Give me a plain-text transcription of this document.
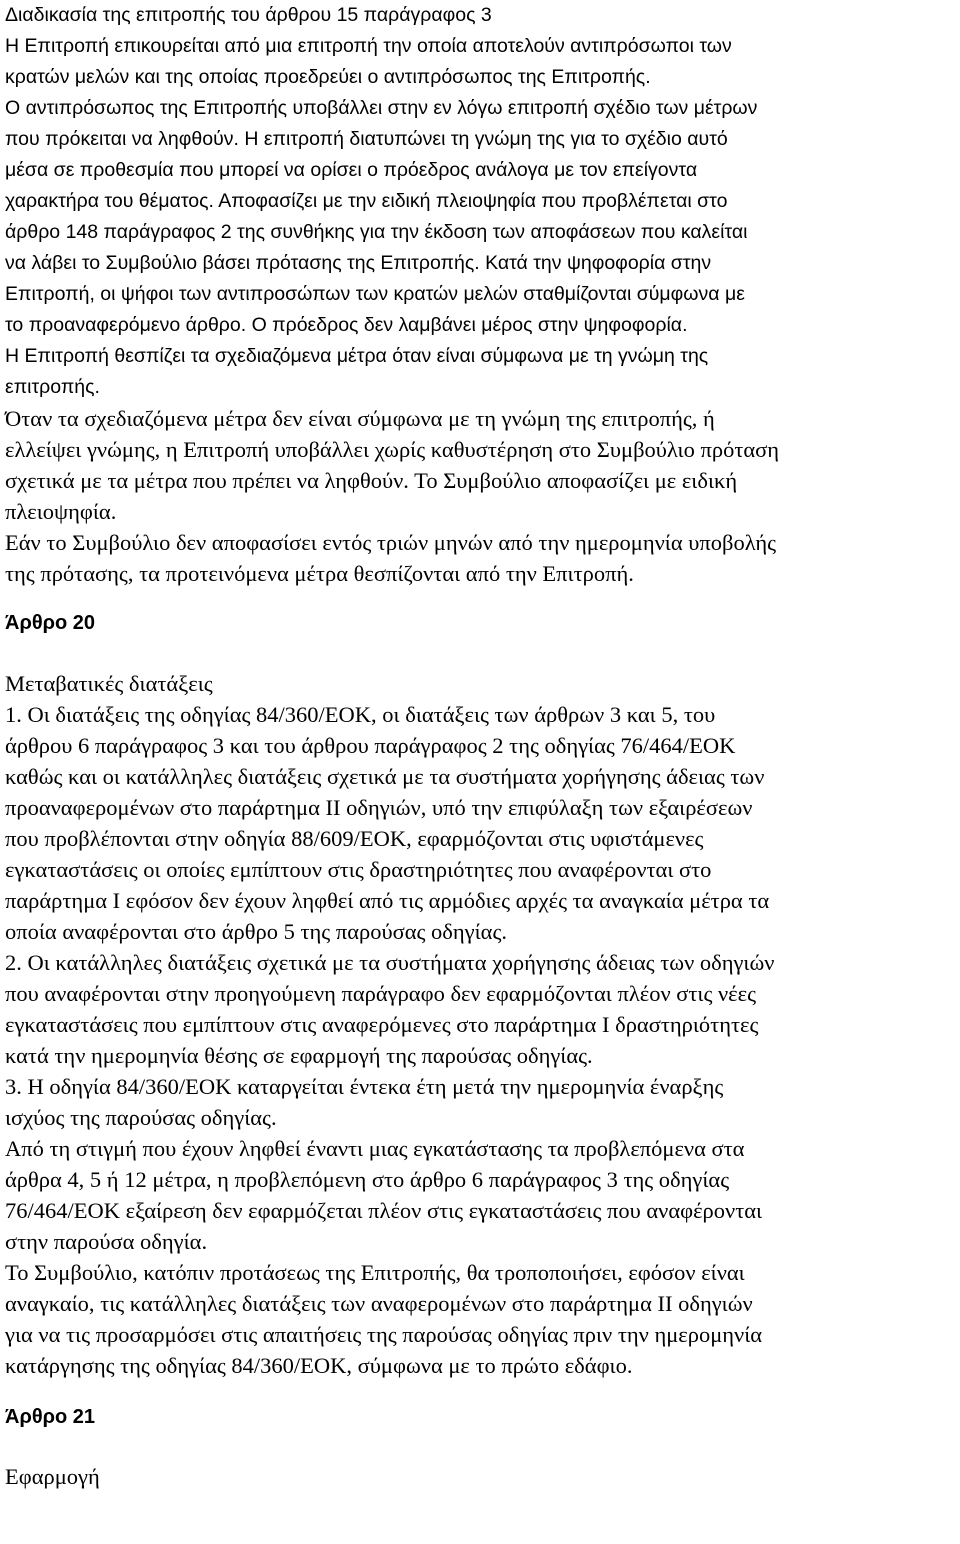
Διαδικασία της επιτροπής του άρθρου 15 παράγραφος 3

Η Επιτροπή επικουρείται από μια επιτροπή την οποία αποτελούν αντιπρόσωποι των

κρατών μελών και της οποίας προεδρεύει ο αντιπρόσωπος της Επιτροπής.

Ο αντιπρόσωπος της Επιτροπής υποβάλλει στην εν λόγω επιτροπή σχέδιο των μέτρων

που πρόκειται να ληφθούν. Η επιτροπή διατυπώνει τη γνώμη της για το σχέδιο αυτό

μέσα σε προθεσμία που μπορεί να ορίσει ο πρόεδρος ανάλογα με τον επείγοντα

χαρακτήρα του θέματος. Αποφασίζει με την ειδική πλειοψηφία που προβλέπεται στο

άρθρο 148 παράγραφος 2 της συνθήκης για την έκδοση των αποφάσεων που καλείται

να λάβει το Συμβούλιο βάσει πρότασης της Επιτροπής. Κατά την ψηφοφορία στην

Επιτροπή, οι ψήφοι των αντιπροσώπων των κρατών μελών σταθμίζονται σύμφωνα με

το προαναφερόμενο άρθρο. Ο πρόεδρος δεν λαμβάνει μέρος στην ψηφοφορία.

Η Επιτροπή θεσπίζει τα σχεδιαζόμενα μέτρα όταν είναι σύμφωνα με τη γνώμη της

επιτροπής.

Όταν τα σχεδιαζόμενα μέτρα δεν είναι σύμφωνα με τη γνώμη της επιτροπής, ή

ελλείψει γνώμης, η Επιτροπή υποβάλλει χωρίς καθυστέρηση στο Συμβούλιο πρόταση

σχετικά με τα μέτρα που πρέπει να ληφθούν. Το Συμβούλιο αποφασίζει με ειδική

πλειοψηφία.

Εάν το Συμβούλιο δεν αποφασίσει εντός τριών μηνών από την ημερομηνία υποβολής

της πρότασης, τα προτεινόμενα μέτρα θεσπίζονται από την Επιτροπή.

Άρθρο 20

Μεταβατικές διατάξεις

1. Οι διατάξεις της οδηγίας 84/360/ΕΟΚ, οι διατάξεις των άρθρων 3 και 5, του

άρθρου 6 παράγραφος 3 και του άρθρου παράγραφος 2 της οδηγίας 76/464/ΕΟΚ

καθώς και οι κατάλληλες διατάξεις σχετικά με τα συστήματα χορήγησης άδειας των

προαναφερομένων στο παράρτημα ΙΙ οδηγιών, υπό την επιφύλαξη των εξαιρέσεων

που προβλέπονται στην οδηγία 88/609/ΕΟΚ, εφαρμόζονται στις υφιστάμενες

εγκαταστάσεις οι οποίες εμπίπτουν στις δραστηριότητες που αναφέρονται στο

παράρτημα Ι εφόσον δεν έχουν ληφθεί από τις αρμόδιες αρχές τα αναγκαία μέτρα τα

οποία αναφέρονται στο άρθρο 5 της παρούσας οδηγίας.

2. Οι κατάλληλες διατάξεις σχετικά με τα συστήματα χορήγησης άδειας των οδηγιών

που αναφέρονται στην προηγούμενη παράγραφο δεν εφαρμόζονται πλέον στις νέες

εγκαταστάσεις που εμπίπτουν στις αναφερόμενες στο παράρτημα Ι δραστηριότητες

κατά την ημερομηνία θέσης σε εφαρμογή της παρούσας οδηγίας.

3. Η οδηγία 84/360/ΕΟΚ καταργείται έντεκα έτη μετά την ημερομηνία έναρξης

ισχύος της παρούσας οδηγίας.

Από τη στιγμή που έχουν ληφθεί έναντι μιας εγκατάστασης τα προβλεπόμενα στα

άρθρα 4, 5 ή 12 μέτρα, η προβλεπόμενη στο άρθρο 6 παράγραφος 3 της οδηγίας

76/464/ΕΟΚ εξαίρεση δεν εφαρμόζεται πλέον στις εγκαταστάσεις που αναφέρονται

στην παρούσα οδηγία.

Το Συμβούλιο, κατόπιν προτάσεως της Επιτροπής, θα τροποποιήσει, εφόσον είναι

αναγκαίο, τις κατάλληλες διατάξεις των αναφερομένων στο παράρτημα ΙΙ οδηγιών

για να τις προσαρμόσει στις απαιτήσεις της παρούσας οδηγίας πριν την ημερομηνία

κατάργησης της οδηγίας 84/360/ΕΟΚ, σύμφωνα με το πρώτο εδάφιο.

Άρθρο 21

Εφαρμογή
